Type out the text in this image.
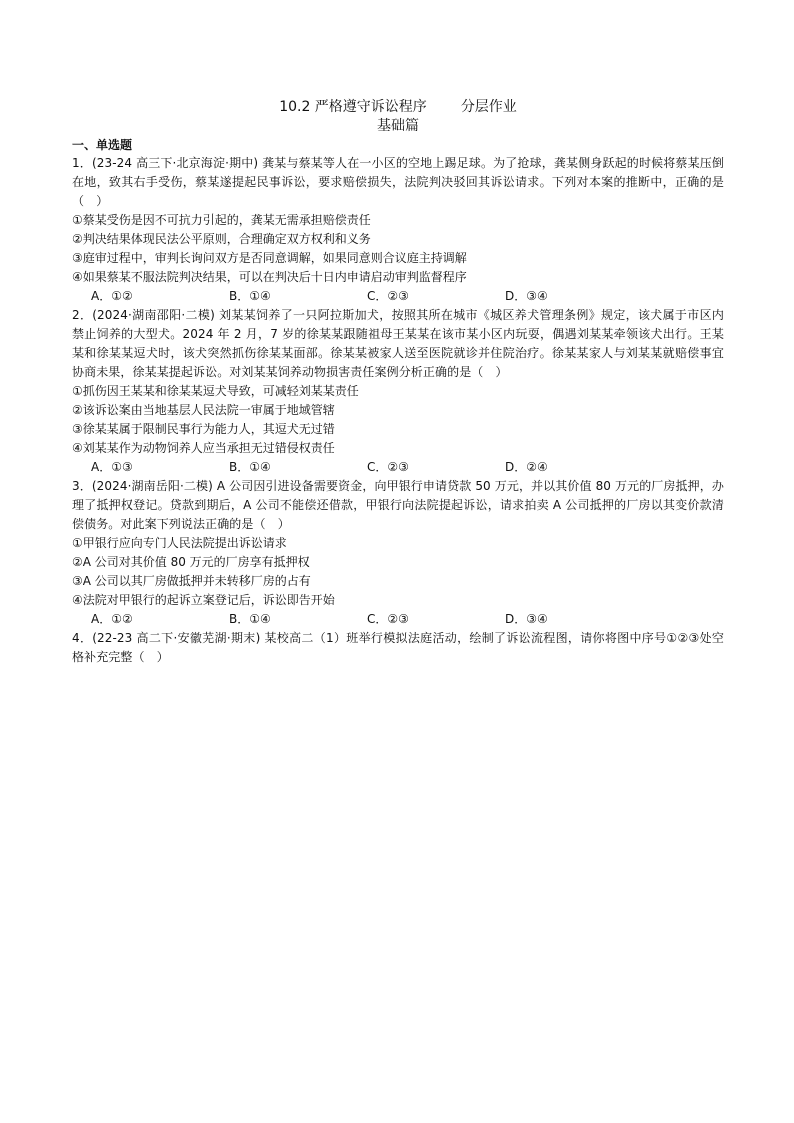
10.2 严格遵守诉讼程序 分层作业

基础篇

一、单选题

1．(23-24 高三下·北京海淀·期中) 龚某与蔡某等人在一小区的空地上踢足球。为了抢球，龚某侧身跃起的时候将蔡某压倒在地，致其右手受伤，蔡某遂提起民事诉讼，要求赔偿损失，法院判决驳回其诉讼请求。下列对本案的推断中，正确的是（　）

①蔡某受伤是因不可抗力引起的，龚某无需承担赔偿责任

②判决结果体现民法公平原则，合理确定双方权利和义务

③庭审过程中，审判长询问双方是否同意调解，如果同意则合议庭主持调解

④如果蔡某不服法院判决结果，可以在判决后十日内申请启动审判监督程序

A．①②	B．①④	C．②③	D．③④

2．(2024·湖南邵阳·二模) 刘某某饲养了一只阿拉斯加犬，按照其所在城市《城区养犬管理条例》规定，该犬属于市区内禁止饲养的大型犬。2024 年 2 月，7 岁的徐某某跟随祖母王某某在该市某小区内玩耍，偶遇刘某某牵领该犬出行。王某某和徐某某逗犬时，该犬突然抓伤徐某某面部。徐某某被家人送至医院就诊并住院治疗。徐某某家人与刘某某就赔偿事宜协商未果，徐某某提起诉讼。对刘某某饲养动物损害责任案例分析正确的是（　）

①抓伤因王某某和徐某某逗犬导致，可减轻刘某某责任

②该诉讼案由当地基层人民法院一审属于地域管辖

③徐某某属于限制民事行为能力人，其逗犬无过错

④刘某某作为动物饲养人应当承担无过错侵权责任

A．①③	B．①④	C．②③	D．②④

3．(2024·湖南岳阳·二模) A 公司因引进设备需要资金，向甲银行申请贷款 50 万元，并以其价值 80 万元的厂房抵押，办理了抵押权登记。贷款到期后，A 公司不能偿还借款，甲银行向法院提起诉讼，请求拍卖 A 公司抵押的厂房以其变价款清偿债务。对此案下列说法正确的是（　）

①甲银行应向专门人民法院提出诉讼请求

②A 公司对其价值 80 万元的厂房享有抵押权

③A 公司以其厂房做抵押并未转移厂房的占有

④法院对甲银行的起诉立案登记后，诉讼即告开始

A．①②	B．①④	C．②③	D．③④

4．(22-23 高二下·安徽芜湖·期末) 某校高二（1）班举行模拟法庭活动，绘制了诉讼流程图，请你将图中序号①②③处空格补充完整（　）
